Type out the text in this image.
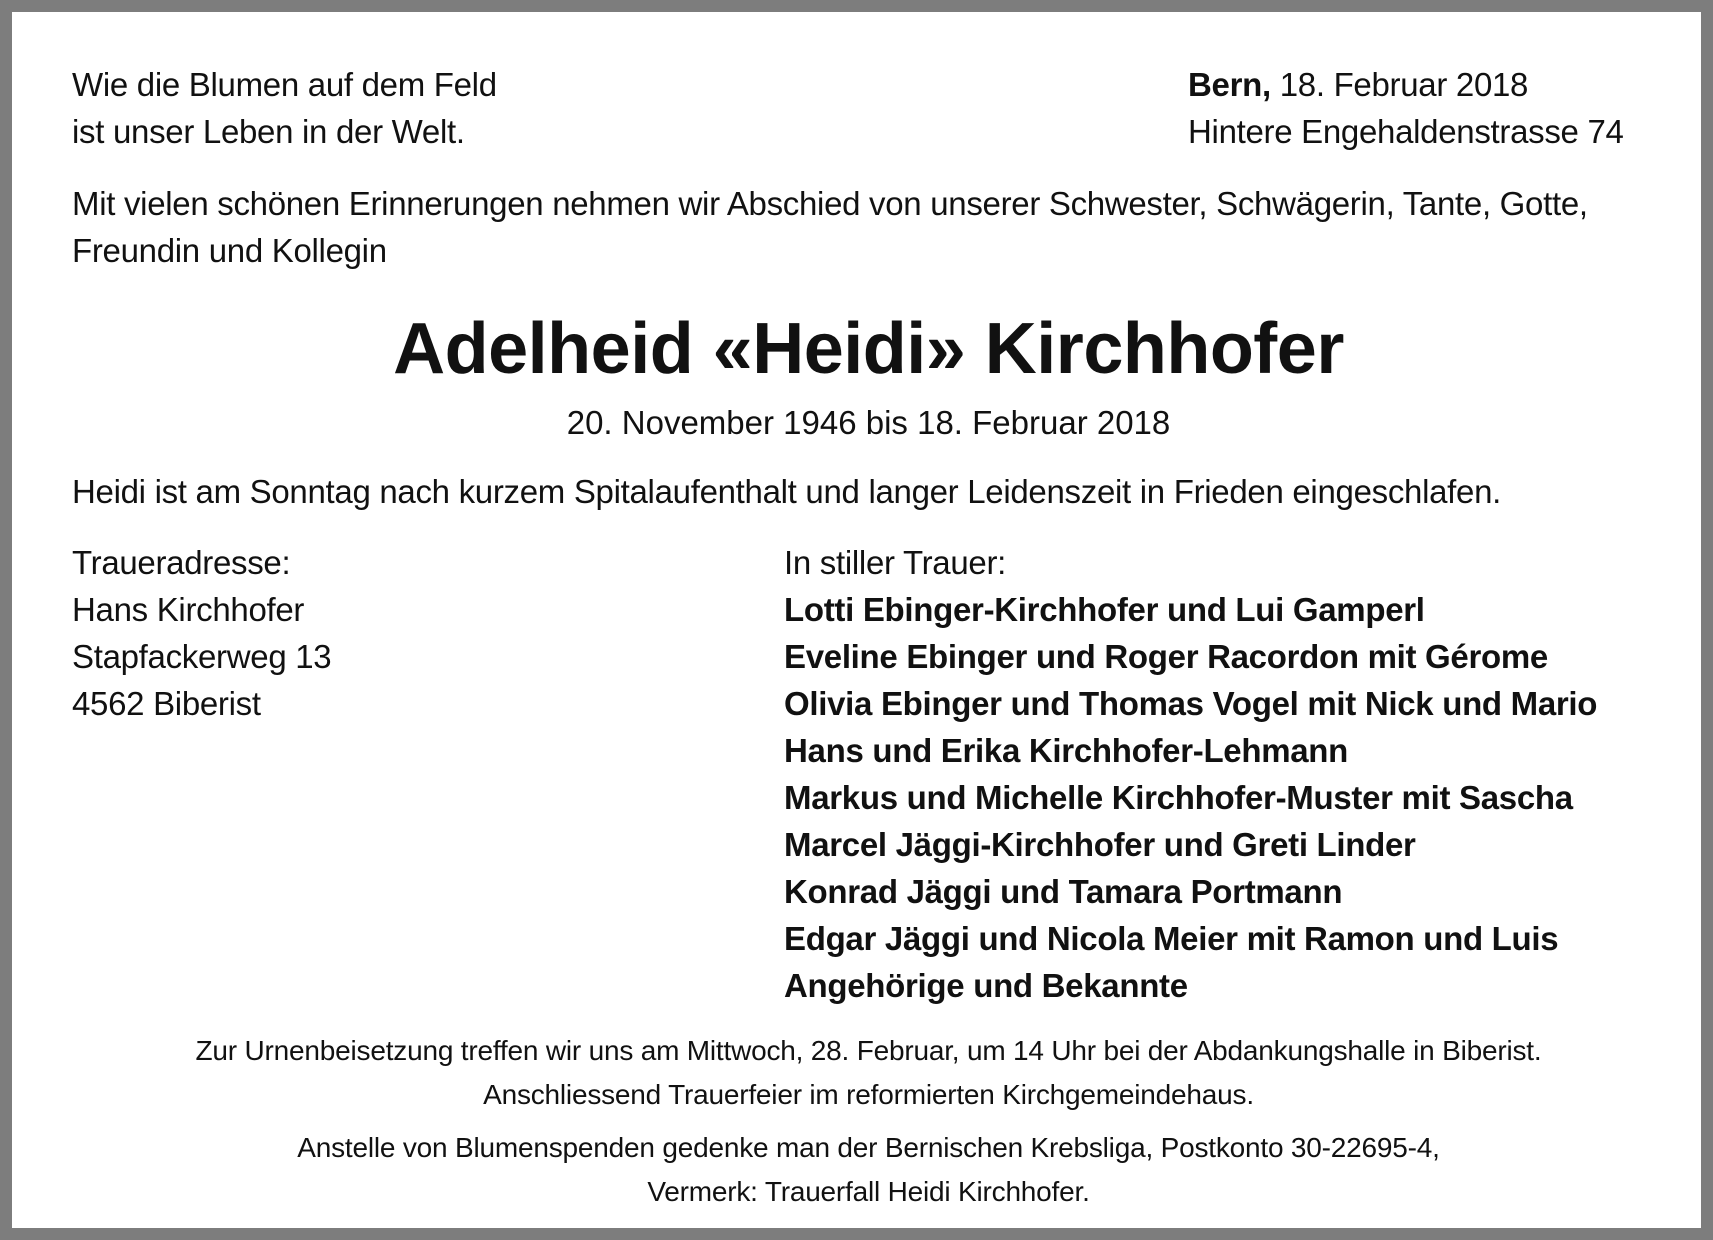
Wie die Blumen auf dem Feld
ist unser Leben in der Welt.
Bern, 18. Februar 2018
Hintere Engehaldenstrasse 74
Mit vielen schönen Erinnerungen nehmen wir Abschied von unserer Schwester, Schwägerin, Tante, Gotte, Freundin und Kollegin
Adelheid «Heidi» Kirchhofer
20. November 1946 bis 18. Februar 2018
Heidi ist am Sonntag nach kurzem Spitalaufenthalt und langer Leidenszeit in Frieden eingeschlafen.
Traueradresse:
Hans Kirchhofer
Stapfackerweg 13
4562 Biberist
In stiller Trauer:
Lotti Ebinger-Kirchhofer und Lui Gamperl
Eveline Ebinger und Roger Racordon mit Gérome
Olivia Ebinger und Thomas Vogel mit Nick und Mario
Hans und Erika Kirchhofer-Lehmann
Markus und Michelle Kirchhofer-Muster mit Sascha
Marcel Jäggi-Kirchhofer und Greti Linder
Konrad Jäggi und Tamara Portmann
Edgar Jäggi und Nicola Meier mit Ramon und Luis
Angehörige und Bekannte
Zur Urnenbeisetzung treffen wir uns am Mittwoch, 28. Februar, um 14 Uhr bei der Abdankungshalle in Biberist.
Anschliessend Trauerfeier im reformierten Kirchgemeindehaus.
Anstelle von Blumenspenden gedenke man der Bernischen Krebsliga, Postkonto 30-22695-4,
Vermerk: Trauerfall Heidi Kirchhofer.
